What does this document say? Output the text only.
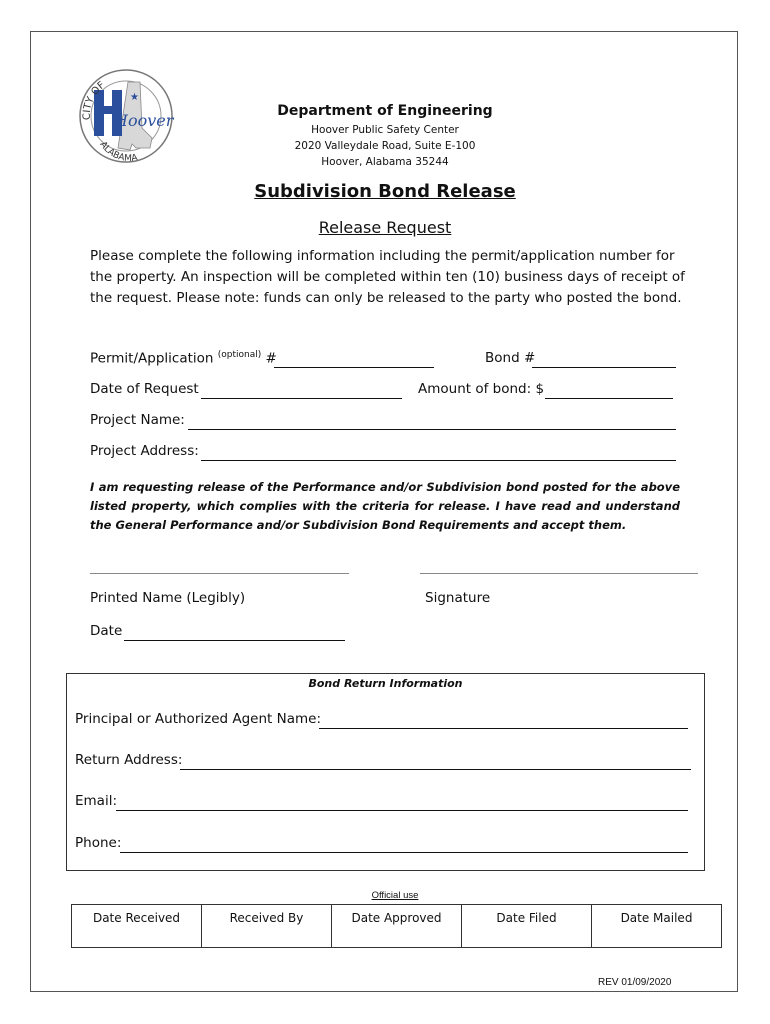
★
Hoover
CITY OF
ALABAMA
Department of Engineering
Hoover Public Safety Center
2020 Valleydale Road, Suite E-100
Hoover, Alabama 35244
Subdivision Bond Release
Release Request
Please complete the following information including the permit/application number for the property. An inspection will be completed within ten (10) business days of receipt of the request. Please note: funds can only be released to the party who posted the bond.
Permit/Application $^{(optional)}$ #	Bond #
Date of Request	Amount of bond: $
Project Name:
Project Address:
I am requesting release of the Performance and/or Subdivision bond posted for the above listed property, which complies with the criteria for release. I have read and understand the General Performance and/or Subdivision Bond Requirements and accept them.
Printed Name (Legibly)	Signature
Date
Bond Return Information
Principal or Authorized Agent Name:
Return Address:
Email:
Phone:
Official use
Date Received	Received By	Date Approved	Date Filed	Date Mailed
REV 01/09/2020
